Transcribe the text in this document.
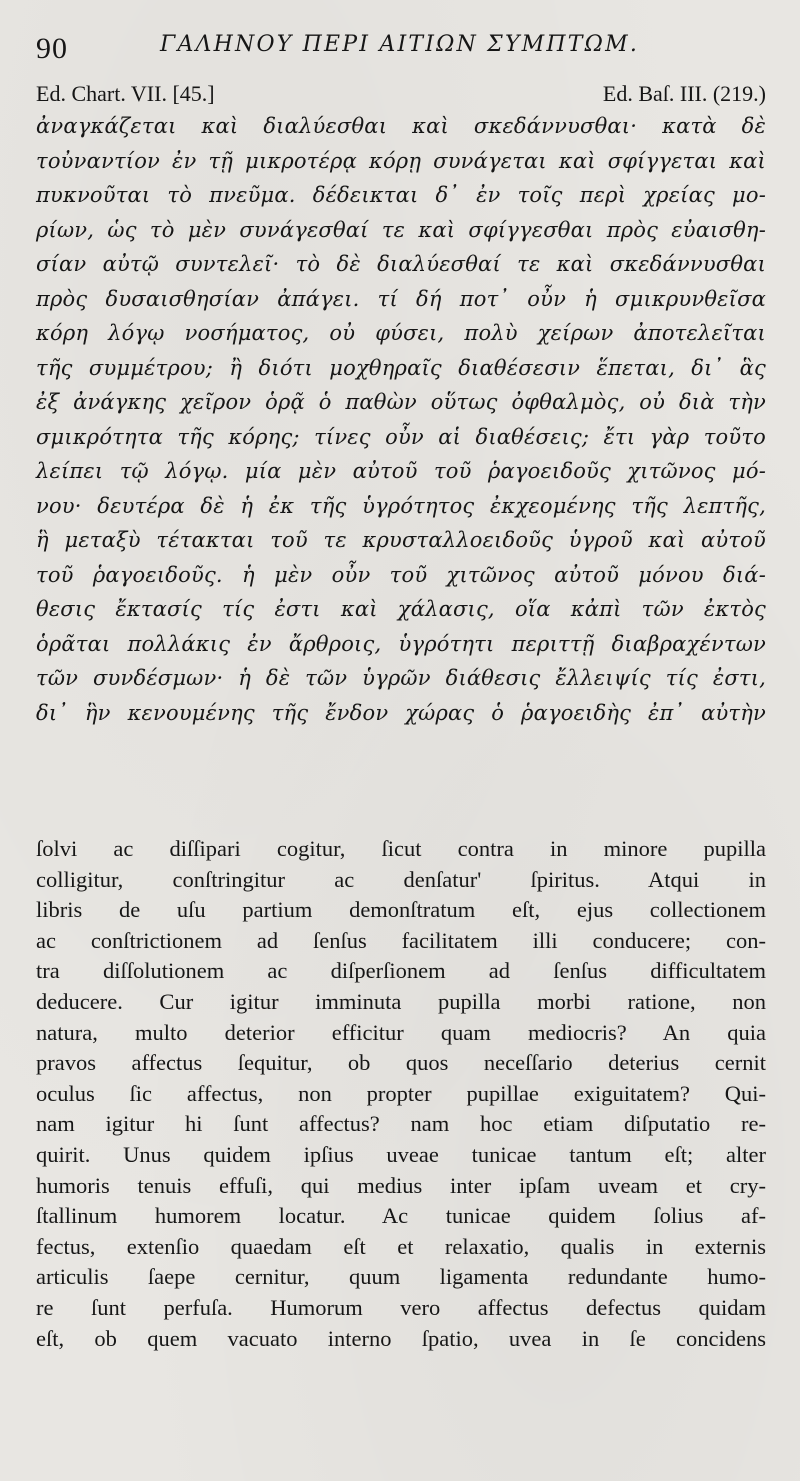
90	ΓΑΛΗΝΟΥ ΠΕΡΙ ΑΙΤΙΩΝ ΣΥΜΠΤΩΜ.
Ed. Chart. VII. [45.]	Ed. Baſ. III. (219.)
ἀναγκάζεται καὶ διαλύεσθαι καὶ σκεδάννυσθαι· κατὰ δὲ
τοὐναντίον ἐν τῇ μικροτέρᾳ κόρῃ συνάγεται καὶ σφίγγεται καὶ
πυκνοῦται τὸ πνεῦμα. δέδεικται δ᾽ ἐν τοῖς περὶ χρείας μο-
ρίων, ὡς τὸ μὲν συνάγεσθαί τε καὶ σφίγγεσθαι πρὸς εὐαισθη-
σίαν αὐτῷ συντελεῖ· τὸ δὲ διαλύεσθαί τε καὶ σκεδάννυσθαι
πρὸς δυσαισθησίαν ἀπάγει. τί δή ποτ᾽ οὖν ἡ σμικρυνθεῖσα
κόρη λόγῳ νοσήματος, οὐ φύσει, πολὺ χείρων ἀποτελεῖται
τῆς συμμέτρου; ἢ διότι μοχθηραῖς διαθέσεσιν ἕπεται, δι᾽ ἃς
ἐξ ἀνάγκης χεῖρον ὁρᾷ ὁ παθὼν οὕτως ὀφθαλμὸς, οὐ διὰ τὴν
σμικρότητα τῆς κόρης; τίνες οὖν αἱ διαθέσεις; ἔτι γὰρ τοῦτο
λείπει τῷ λόγῳ. μία μὲν αὐτοῦ τοῦ ῥαγοειδοῦς χιτῶνος μό-
νου· δευτέρα δὲ ἡ ἐκ τῆς ὑγρότητος ἐκχεομένης τῆς λεπτῆς,
ἣ μεταξὺ τέτακται τοῦ τε κρυσταλλοειδοῦς ὑγροῦ καὶ αὐτοῦ
τοῦ ῥαγοειδοῦς. ἡ μὲν οὖν τοῦ χιτῶνος αὐτοῦ μόνου διά-
θεσις ἔκτασίς τίς ἐστι καὶ χάλασις, οἵα κἀπὶ τῶν ἐκτὸς
ὁρᾶται πολλάκις ἐν ἄρθροις, ὑγρότητι περιττῇ διαβραχέντων
τῶν συνδέσμων· ἡ δὲ τῶν ὑγρῶν διάθεσις ἔλλειψίς τίς ἐστι,
δι᾽ ἣν κενουμένης τῆς ἔνδον χώρας ὁ ῥαγοειδὴς ἐπ᾽ αὐτὴν
ſolvi ac diſſipari cogitur, ſicut contra in minore pupilla
colligitur, conſtringitur ac denſatur' ſpiritus. Atqui in
libris de uſu partium demonſtratum eſt, ejus collectionem
ac conſtrictionem ad ſenſus facilitatem illi conducere; con-
tra diſſolutionem ac diſperſionem ad ſenſus difficultatem
deducere. Cur igitur imminuta pupilla morbi ratione, non
natura, multo deterior efficitur quam mediocris? An quia
pravos affectus ſequitur, ob quos neceſſario deterius cernit
oculus ſic affectus, non propter pupillae exiguitatem? Qui-
nam igitur hi ſunt affectus? nam hoc etiam diſputatio re-
quirit. Unus quidem ipſius uveae tunicae tantum eſt; alter
humoris tenuis effuſi, qui medius inter ipſam uveam et cry-
ſtallinum humorem locatur. Ac tunicae quidem ſolius af-
fectus, extenſio quaedam eſt et relaxatio, qualis in externis
articulis ſaepe cernitur, quum ligamenta redundante humo-
re ſunt perfuſa. Humorum vero affectus defectus quidam
eſt, ob quem vacuato interno ſpatio, uvea in ſe concidens
